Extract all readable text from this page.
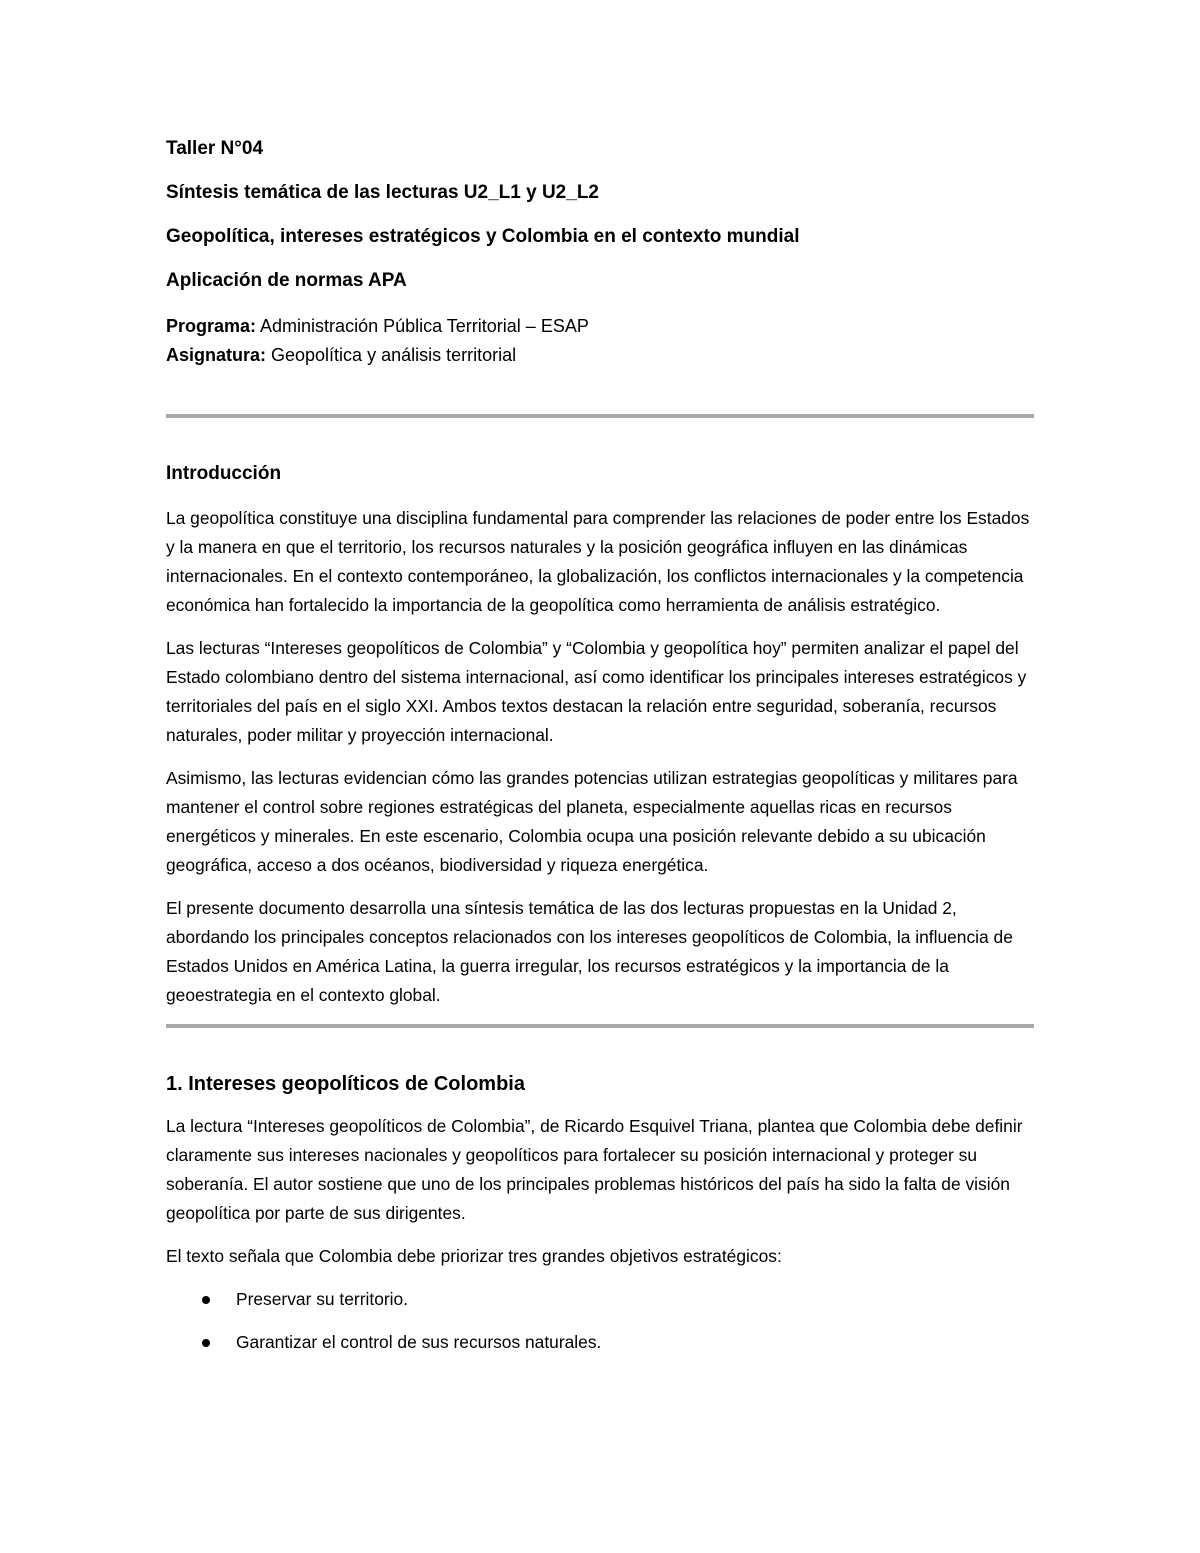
Taller N°04

Síntesis temática de las lecturas U2_L1 y U2_L2

Geopolítica, intereses estratégicos y Colombia en el contexto mundial

Aplicación de normas APA

Programa: Administración Pública Territorial – ESAP

Asignatura: Geopolítica y análisis territorial

Introducción

La geopolítica constituye una disciplina fundamental para comprender las relaciones de poder entre los Estados y la manera en que el territorio, los recursos naturales y la posición geográfica influyen en las dinámicas internacionales. En el contexto contemporáneo, la globalización, los conflictos internacionales y la competencia económica han fortalecido la importancia de la geopolítica como herramienta de análisis estratégico.

Las lecturas “Intereses geopolíticos de Colombia” y “Colombia y geopolítica hoy” permiten analizar el papel del Estado colombiano dentro del sistema internacional, así como identificar los principales intereses estratégicos y territoriales del país en el siglo XXI. Ambos textos destacan la relación entre seguridad, soberanía, recursos naturales, poder militar y proyección internacional.

Asimismo, las lecturas evidencian cómo las grandes potencias utilizan estrategias geopolíticas y militares para mantener el control sobre regiones estratégicas del planeta, especialmente aquellas ricas en recursos energéticos y minerales. En este escenario, Colombia ocupa una posición relevante debido a su ubicación geográfica, acceso a dos océanos, biodiversidad y riqueza energética.

El presente documento desarrolla una síntesis temática de las dos lecturas propuestas en la Unidad 2, abordando los principales conceptos relacionados con los intereses geopolíticos de Colombia, la influencia de Estados Unidos en América Latina, la guerra irregular, los recursos estratégicos y la importancia de la geoestrategia en el contexto global.

1. Intereses geopolíticos de Colombia

La lectura “Intereses geopolíticos de Colombia”, de Ricardo Esquivel Triana, plantea que Colombia debe definir claramente sus intereses nacionales y geopolíticos para fortalecer su posición internacional y proteger su soberanía. El autor sostiene que uno de los principales problemas históricos del país ha sido la falta de visión geopolítica por parte de sus dirigentes.

El texto señala que Colombia debe priorizar tres grandes objetivos estratégicos:

Preservar su territorio.
Garantizar el control de sus recursos naturales.
